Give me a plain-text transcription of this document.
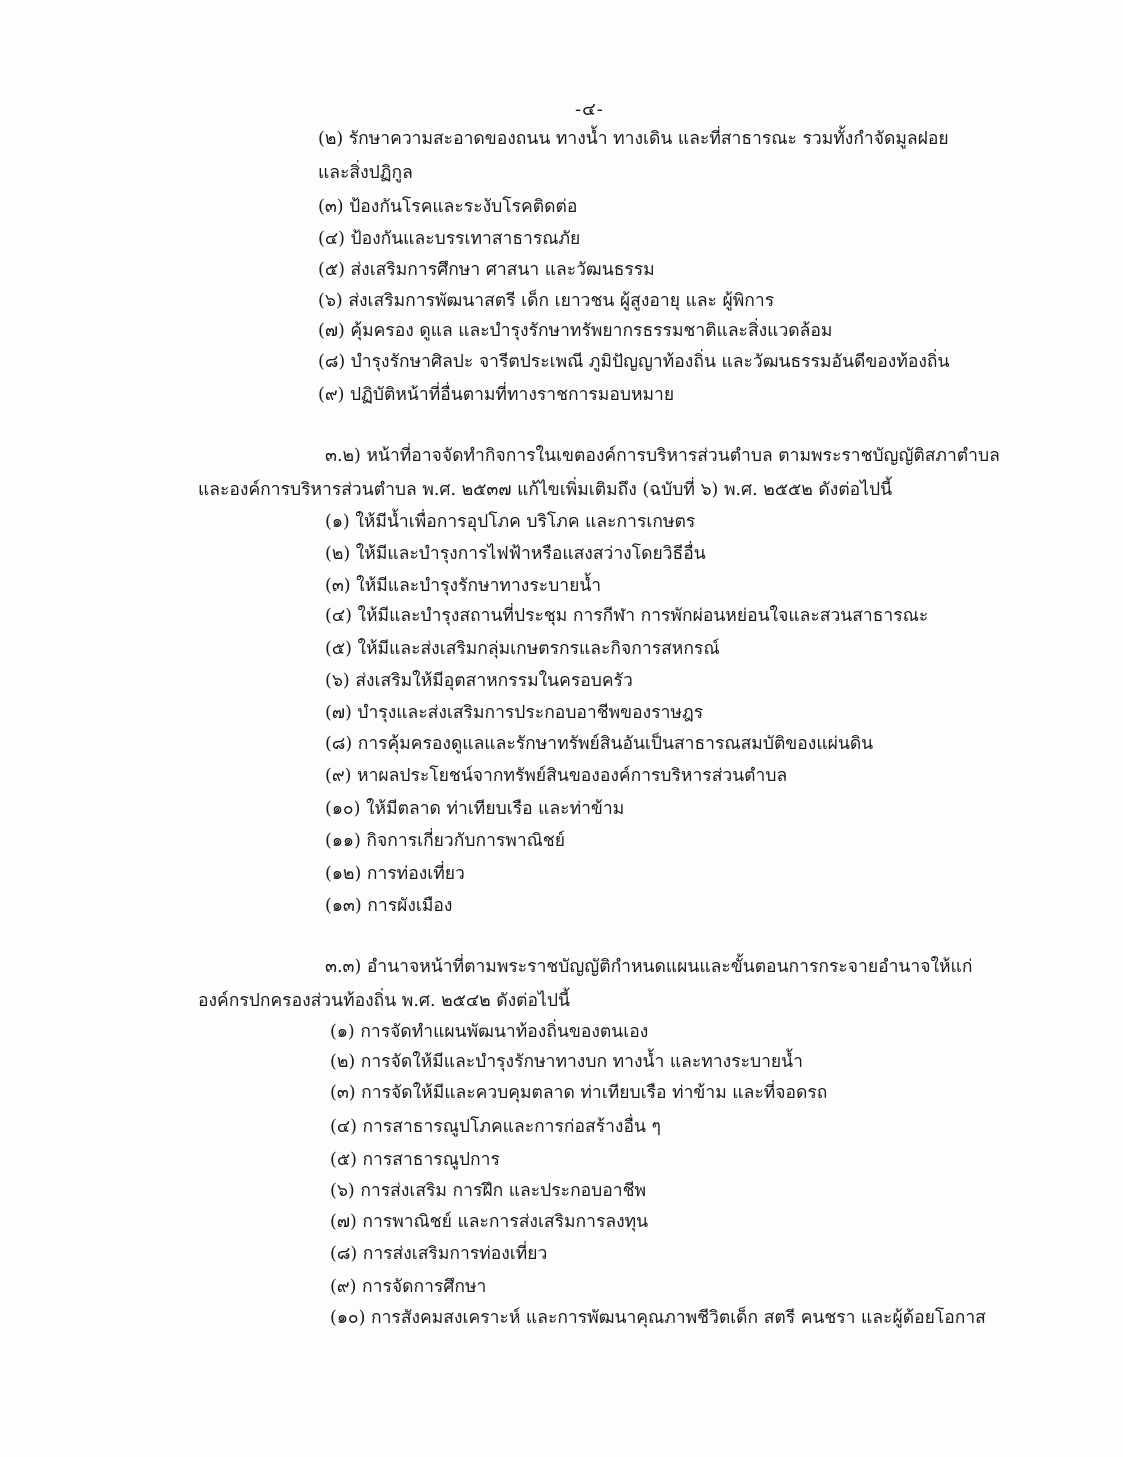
-๔-
(๒) รักษาความสะอาดของถนน ทางน้ำ ทางเดิน และที่สาธารณะ รวมทั้งกำจัดมูลฝอย
และสิ่งปฏิกูล
(๓) ป้องกันโรคและระงับโรคติดต่อ
(๔) ป้องกันและบรรเทาสาธารณภัย
(๕) ส่งเสริมการศึกษา ศาสนา และวัฒนธรรม
(๖) ส่งเสริมการพัฒนาสตรี เด็ก เยาวชน ผู้สูงอายุ และ ผู้พิการ
(๗) คุ้มครอง ดูแล และบำรุงรักษาทรัพยากรธรรมชาติและสิ่งแวดล้อม
(๘) บำรุงรักษาศิลปะ จารีตประเพณี ภูมิปัญญาท้องถิ่น และวัฒนธรรมอันดีของท้องถิ่น
(๙) ปฏิบัติหน้าที่อื่นตามที่ทางราชการมอบหมาย
๓.๒) หน้าที่อาจจัดทำกิจการในเขตองค์การบริหารส่วนตำบล ตามพระราชบัญญัติสภาตำบล
และองค์การบริหารส่วนตำบล พ.ศ. ๒๕๓๗ แก้ไขเพิ่มเติมถึง (ฉบับที่ ๖) พ.ศ. ๒๕๕๒ ดังต่อไปนี้
(๑) ให้มีน้ำเพื่อการอุปโภค บริโภค และการเกษตร
(๒) ให้มีและบำรุงการไฟฟ้าหรือแสงสว่างโดยวิธีอื่น
(๓) ให้มีและบำรุงรักษาทางระบายน้ำ
(๔) ให้มีและบำรุงสถานที่ประชุม การกีฬา การพักผ่อนหย่อนใจและสวนสาธารณะ
(๕) ให้มีและส่งเสริมกลุ่มเกษตรกรและกิจการสหกรณ์
(๖) ส่งเสริมให้มีอุตสาหกรรมในครอบครัว
(๗) บำรุงและส่งเสริมการประกอบอาชีพของราษฎร
(๘) การคุ้มครองดูแลและรักษาทรัพย์สินอันเป็นสาธารณสมบัติของแผ่นดิน
(๙) หาผลประโยชน์จากทรัพย์สินขององค์การบริหารส่วนตำบล
(๑๐) ให้มีตลาด ท่าเทียบเรือ และท่าข้าม
(๑๑) กิจการเกี่ยวกับการพาณิชย์
(๑๒) การท่องเที่ยว
(๑๓) การผังเมือง
๓.๓) อำนาจหน้าที่ตามพระราชบัญญัติกำหนดแผนและขั้นตอนการกระจายอำนาจให้แก่
องค์กรปกครองส่วนท้องถิ่น พ.ศ. ๒๕๔๒ ดังต่อไปนี้
(๑) การจัดทำแผนพัฒนาท้องถิ่นของตนเอง
(๒) การจัดให้มีและบำรุงรักษาทางบก ทางน้ำ และทางระบายน้ำ
(๓) การจัดให้มีและควบคุมตลาด ท่าเทียบเรือ ท่าข้าม และที่จอดรถ
(๔) การสาธารณูปโภคและการก่อสร้างอื่น ๆ
(๕) การสาธารณูปการ
(๖) การส่งเสริม การฝึก และประกอบอาชีพ
(๗) การพาณิชย์ และการส่งเสริมการลงทุน
(๘) การส่งเสริมการท่องเที่ยว
(๙) การจัดการศึกษา
(๑๐) การสังคมสงเคราะห์ และการพัฒนาคุณภาพชีวิตเด็ก สตรี คนชรา และผู้ด้อยโอกาส
